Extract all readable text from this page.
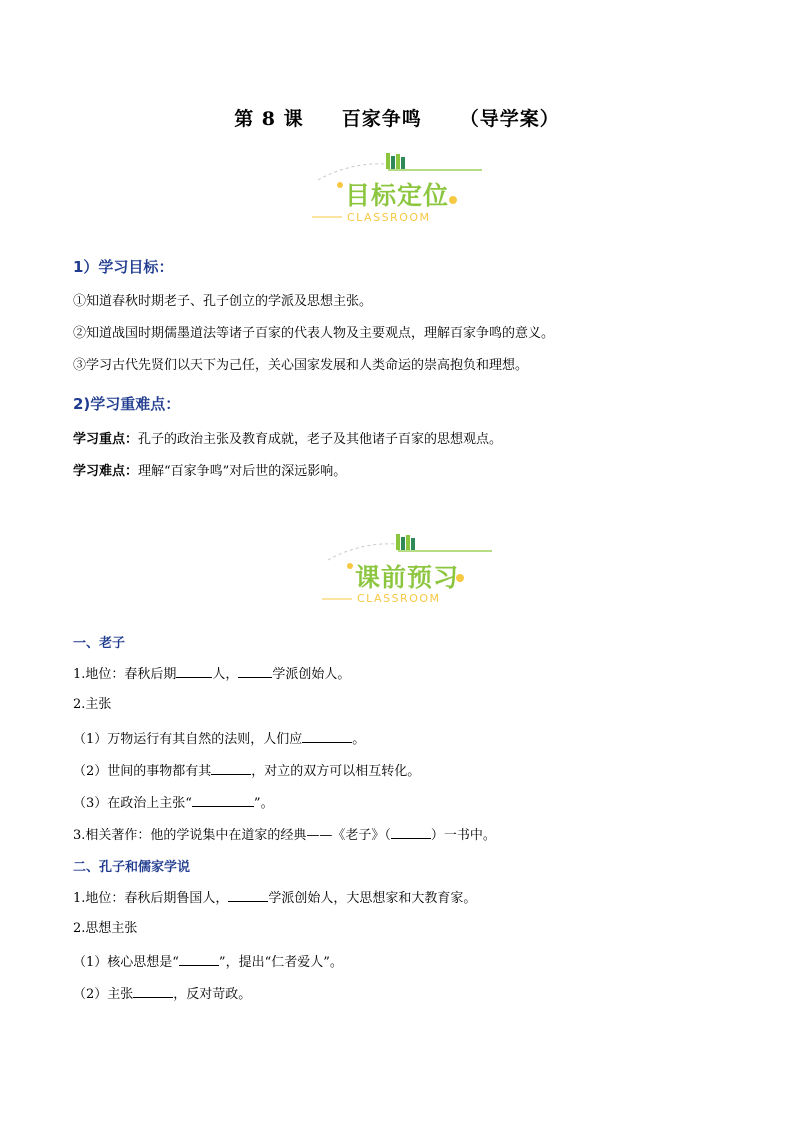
第 8 课     百家争鸣     （导学案）
目标定位
CLASSROOM
1）学习目标：
①知道春秋时期老子、孔子创立的学派及思想主张。
②知道战国时期儒墨道法等诸子百家的代表人物及主要观点，理解百家争鸣的意义。
③学习古代先贤们以天下为己任，关心国家发展和人类命运的崇高抱负和理想。
2)学习重难点：
学习重点：孔子的政治主张及教育成就，老子及其他诸子百家的思想观点。
学习难点：理解“百家争鸣”对后世的深远影响。
课前预习
CLASSROOM
一、老子
1.地位：春秋后期	人，	学派创始人。
2.主张
（1）万物运行有其自然的法则，人们应	。
（2）世间的事物都有其	，对立的双方可以相互转化。
（3）在政治上主张“	”。
3.相关著作：他的学说集中在道家的经典——《老子》（	）一书中。
二、孔子和儒家学说
1.地位：春秋后期鲁国人，	学派创始人，大思想家和大教育家。
2.思想主张
（1）核心思想是“	”，提出“仁者爱人”。
（2）主张	，反对苛政。
